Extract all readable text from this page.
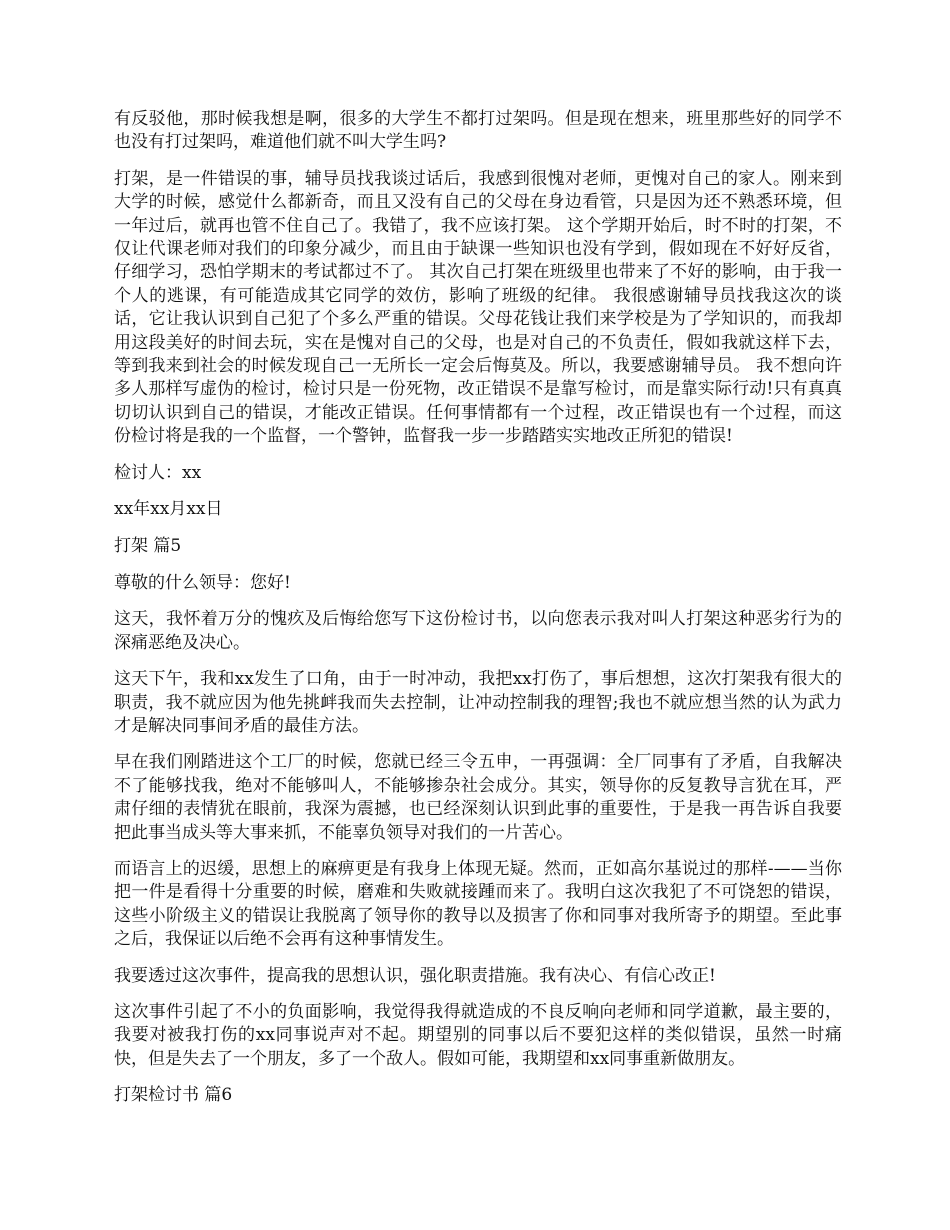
有反驳他，那时候我想是啊，很多的大学生不都打过架吗。但是现在想来，班里那些好的同学不也没有打过架吗，难道他们就不叫大学生吗?

打架，是一件错误的事，辅导员找我谈过话后，我感到很愧对老师，更愧对自己的家人。刚来到大学的时候，感觉什么都新奇，而且又没有自己的父母在身边看管，只是因为还不熟悉环境，但一年过后，就再也管不住自己了。我错了，我不应该打架。 这个学期开始后，时不时的打架，不仅让代课老师对我们的印象分减少，而且由于缺课一些知识也没有学到，假如现在不好好反省，仔细学习，恐怕学期末的考试都过不了。 其次自己打架在班级里也带来了不好的影响，由于我一个人的逃课，有可能造成其它同学的效仿，影响了班级的纪律。 我很感谢辅导员找我这次的谈话，它让我认识到自己犯了个多么严重的错误。父母花钱让我们来学校是为了学知识的，而我却用这段美好的时间去玩，实在是愧对自己的父母，也是对自己的不负责任，假如我就这样下去，等到我来到社会的时候发现自己一无所长一定会后悔莫及。所以，我要感谢辅导员。 我不想向许多人那样写虚伪的检讨，检讨只是一份死物，改正错误不是靠写检讨，而是靠实际行动!只有真真切切认识到自己的错误，才能改正错误。任何事情都有一个过程，改正错误也有一个过程，而这份检讨将是我的一个监督，一个警钟，监督我一步一步踏踏实实地改正所犯的错误!

检讨人：xx

xx年xx月xx日

打架 篇5

尊敬的什么领导：您好!

这天，我怀着万分的愧疚及后悔给您写下这份检讨书，以向您表示我对叫人打架这种恶劣行为的深痛恶绝及决心。

这天下午，我和xx发生了口角，由于一时冲动，我把xx打伤了，事后想想，这次打架我有很大的职责，我不就应因为他先挑衅我而失去控制，让冲动控制我的理智;我也不就应想当然的认为武力才是解决同事间矛盾的最佳方法。

早在我们刚踏进这个工厂的时候，您就已经三令五申，一再强调：全厂同事有了矛盾，自我解决不了能够找我，绝对不能够叫人，不能够掺杂社会成分。其实，领导你的反复教导言犹在耳，严肃仔细的表情犹在眼前，我深为震撼，也已经深刻认识到此事的重要性，于是我一再告诉自我要把此事当成头等大事来抓，不能辜负领导对我们的一片苦心。

而语言上的迟缓，思想上的麻痹更是有我身上体现无疑。然而，正如高尔基说过的那样-——当你把一件是看得十分重要的时候，磨难和失败就接踵而来了。我明白这次我犯了不可饶恕的错误，这些小阶级主义的错误让我脱离了领导你的教导以及损害了你和同事对我所寄予的期望。至此事之后，我保证以后绝不会再有这种事情发生。

我要透过这次事件，提高我的思想认识，强化职责措施。我有决心、有信心改正!

这次事件引起了不小的负面影响，我觉得我得就造成的不良反响向老师和同学道歉，最主要的，我要对被我打伤的xx同事说声对不起。期望别的同事以后不要犯这样的类似错误，虽然一时痛快，但是失去了一个朋友，多了一个敌人。假如可能，我期望和xx同事重新做朋友。

打架检讨书 篇6
